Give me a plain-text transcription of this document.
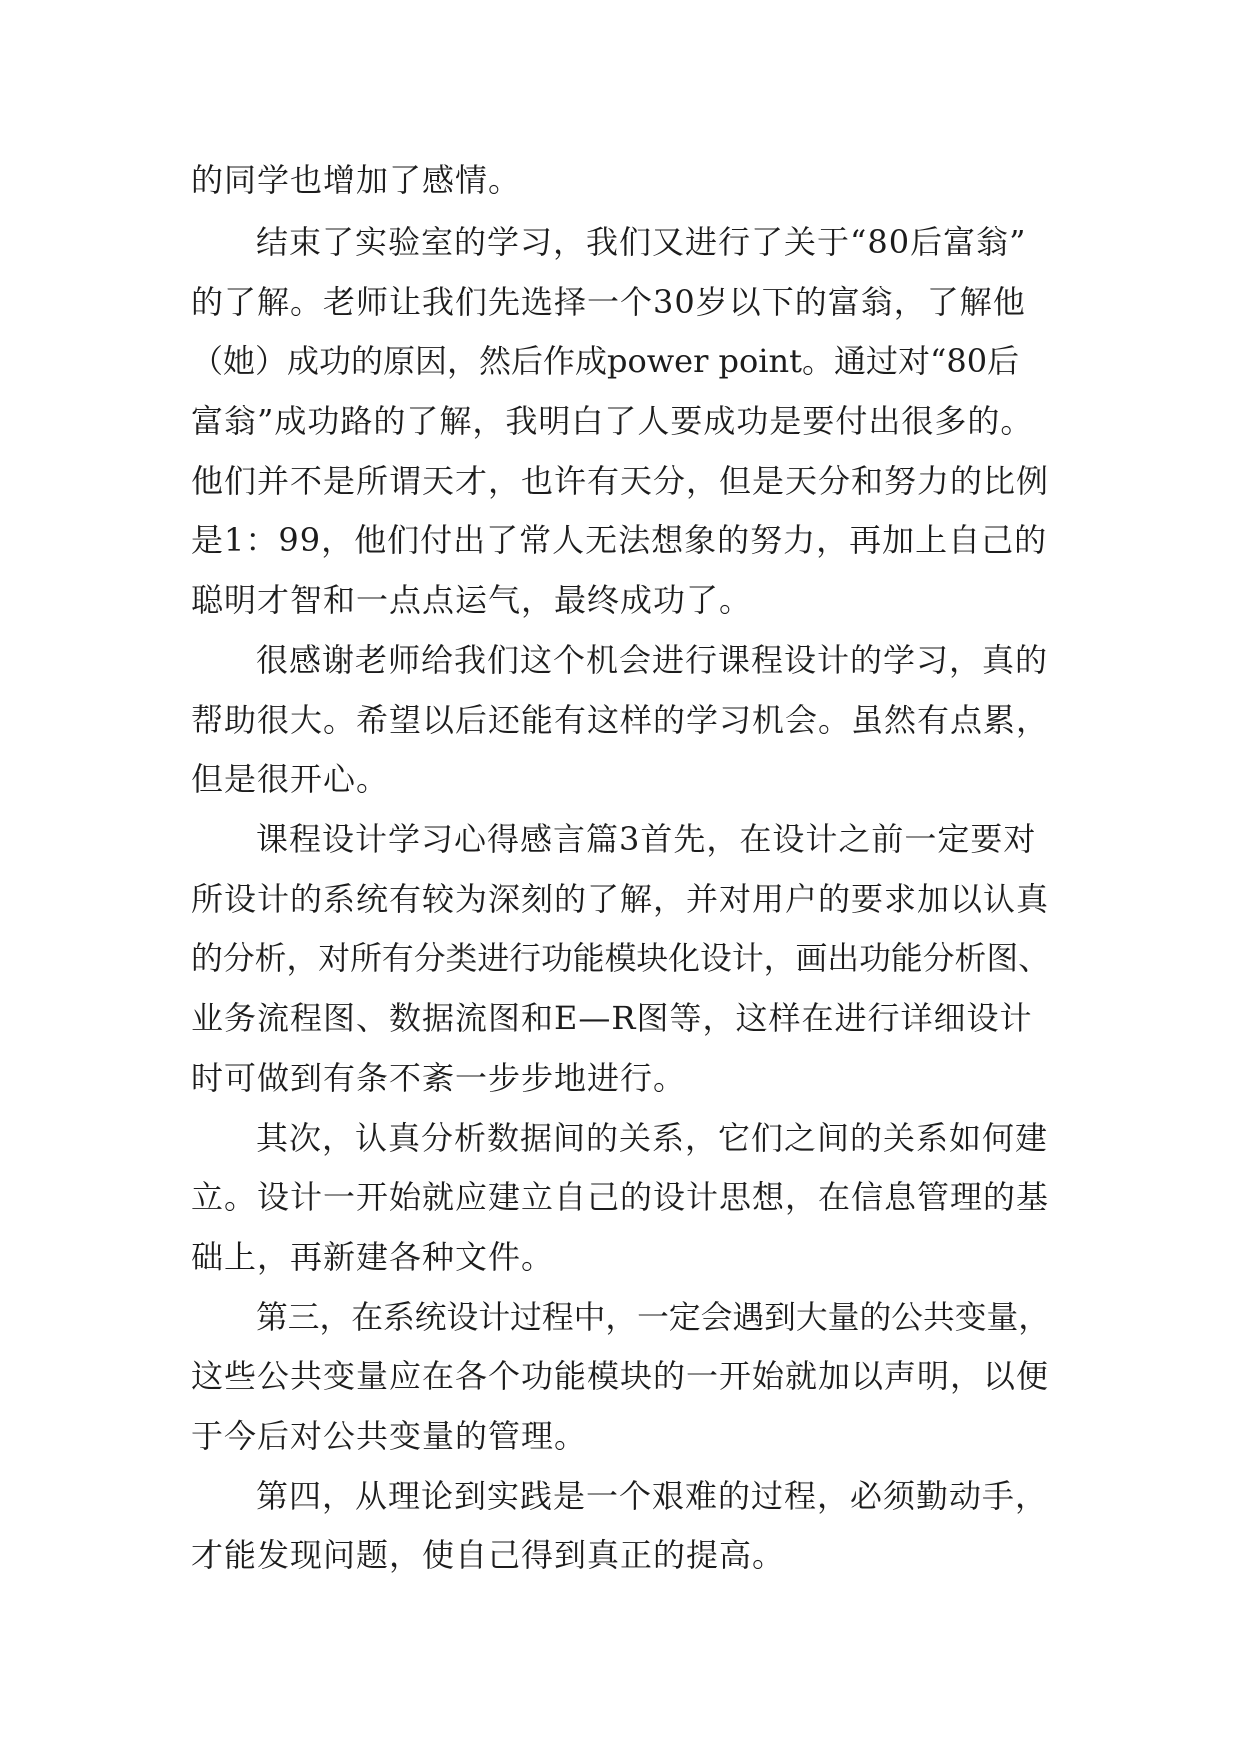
的同学也增加了感情。
结束了实验室的学习，我们又进行了关于“80后富翁”
的了解。老师让我们先选择一个30岁以下的富翁，了解他
（她）成功的原因，然后作成power point。通过对“80后
富翁”成功路的了解，我明白了人要成功是要付出很多的。
他们并不是所谓天才，也许有天分，但是天分和努力的比例
是1：99，他们付出了常人无法想象的努力，再加上自己的
聪明才智和一点点运气，最终成功了。
很感谢老师给我们这个机会进行课程设计的学习，真的
帮助很大。希望以后还能有这样的学习机会。虽然有点累，
但是很开心。
课程设计学习心得感言篇3首先，在设计之前一定要对
所设计的系统有较为深刻的了解，并对用户的要求加以认真
的分析，对所有分类进行功能模块化设计，画出功能分析图、
业务流程图、数据流图和E—R图等，这样在进行详细设计
时可做到有条不紊一步步地进行。
其次，认真分析数据间的关系，它们之间的关系如何建
立。设计一开始就应建立自己的设计思想，在信息管理的基
础上，再新建各种文件。
第三，在系统设计过程中，一定会遇到大量的公共变量，
这些公共变量应在各个功能模块的一开始就加以声明，以便
于今后对公共变量的管理。
第四，从理论到实践是一个艰难的过程，必须勤动手，
才能发现问题，使自己得到真正的提高。
